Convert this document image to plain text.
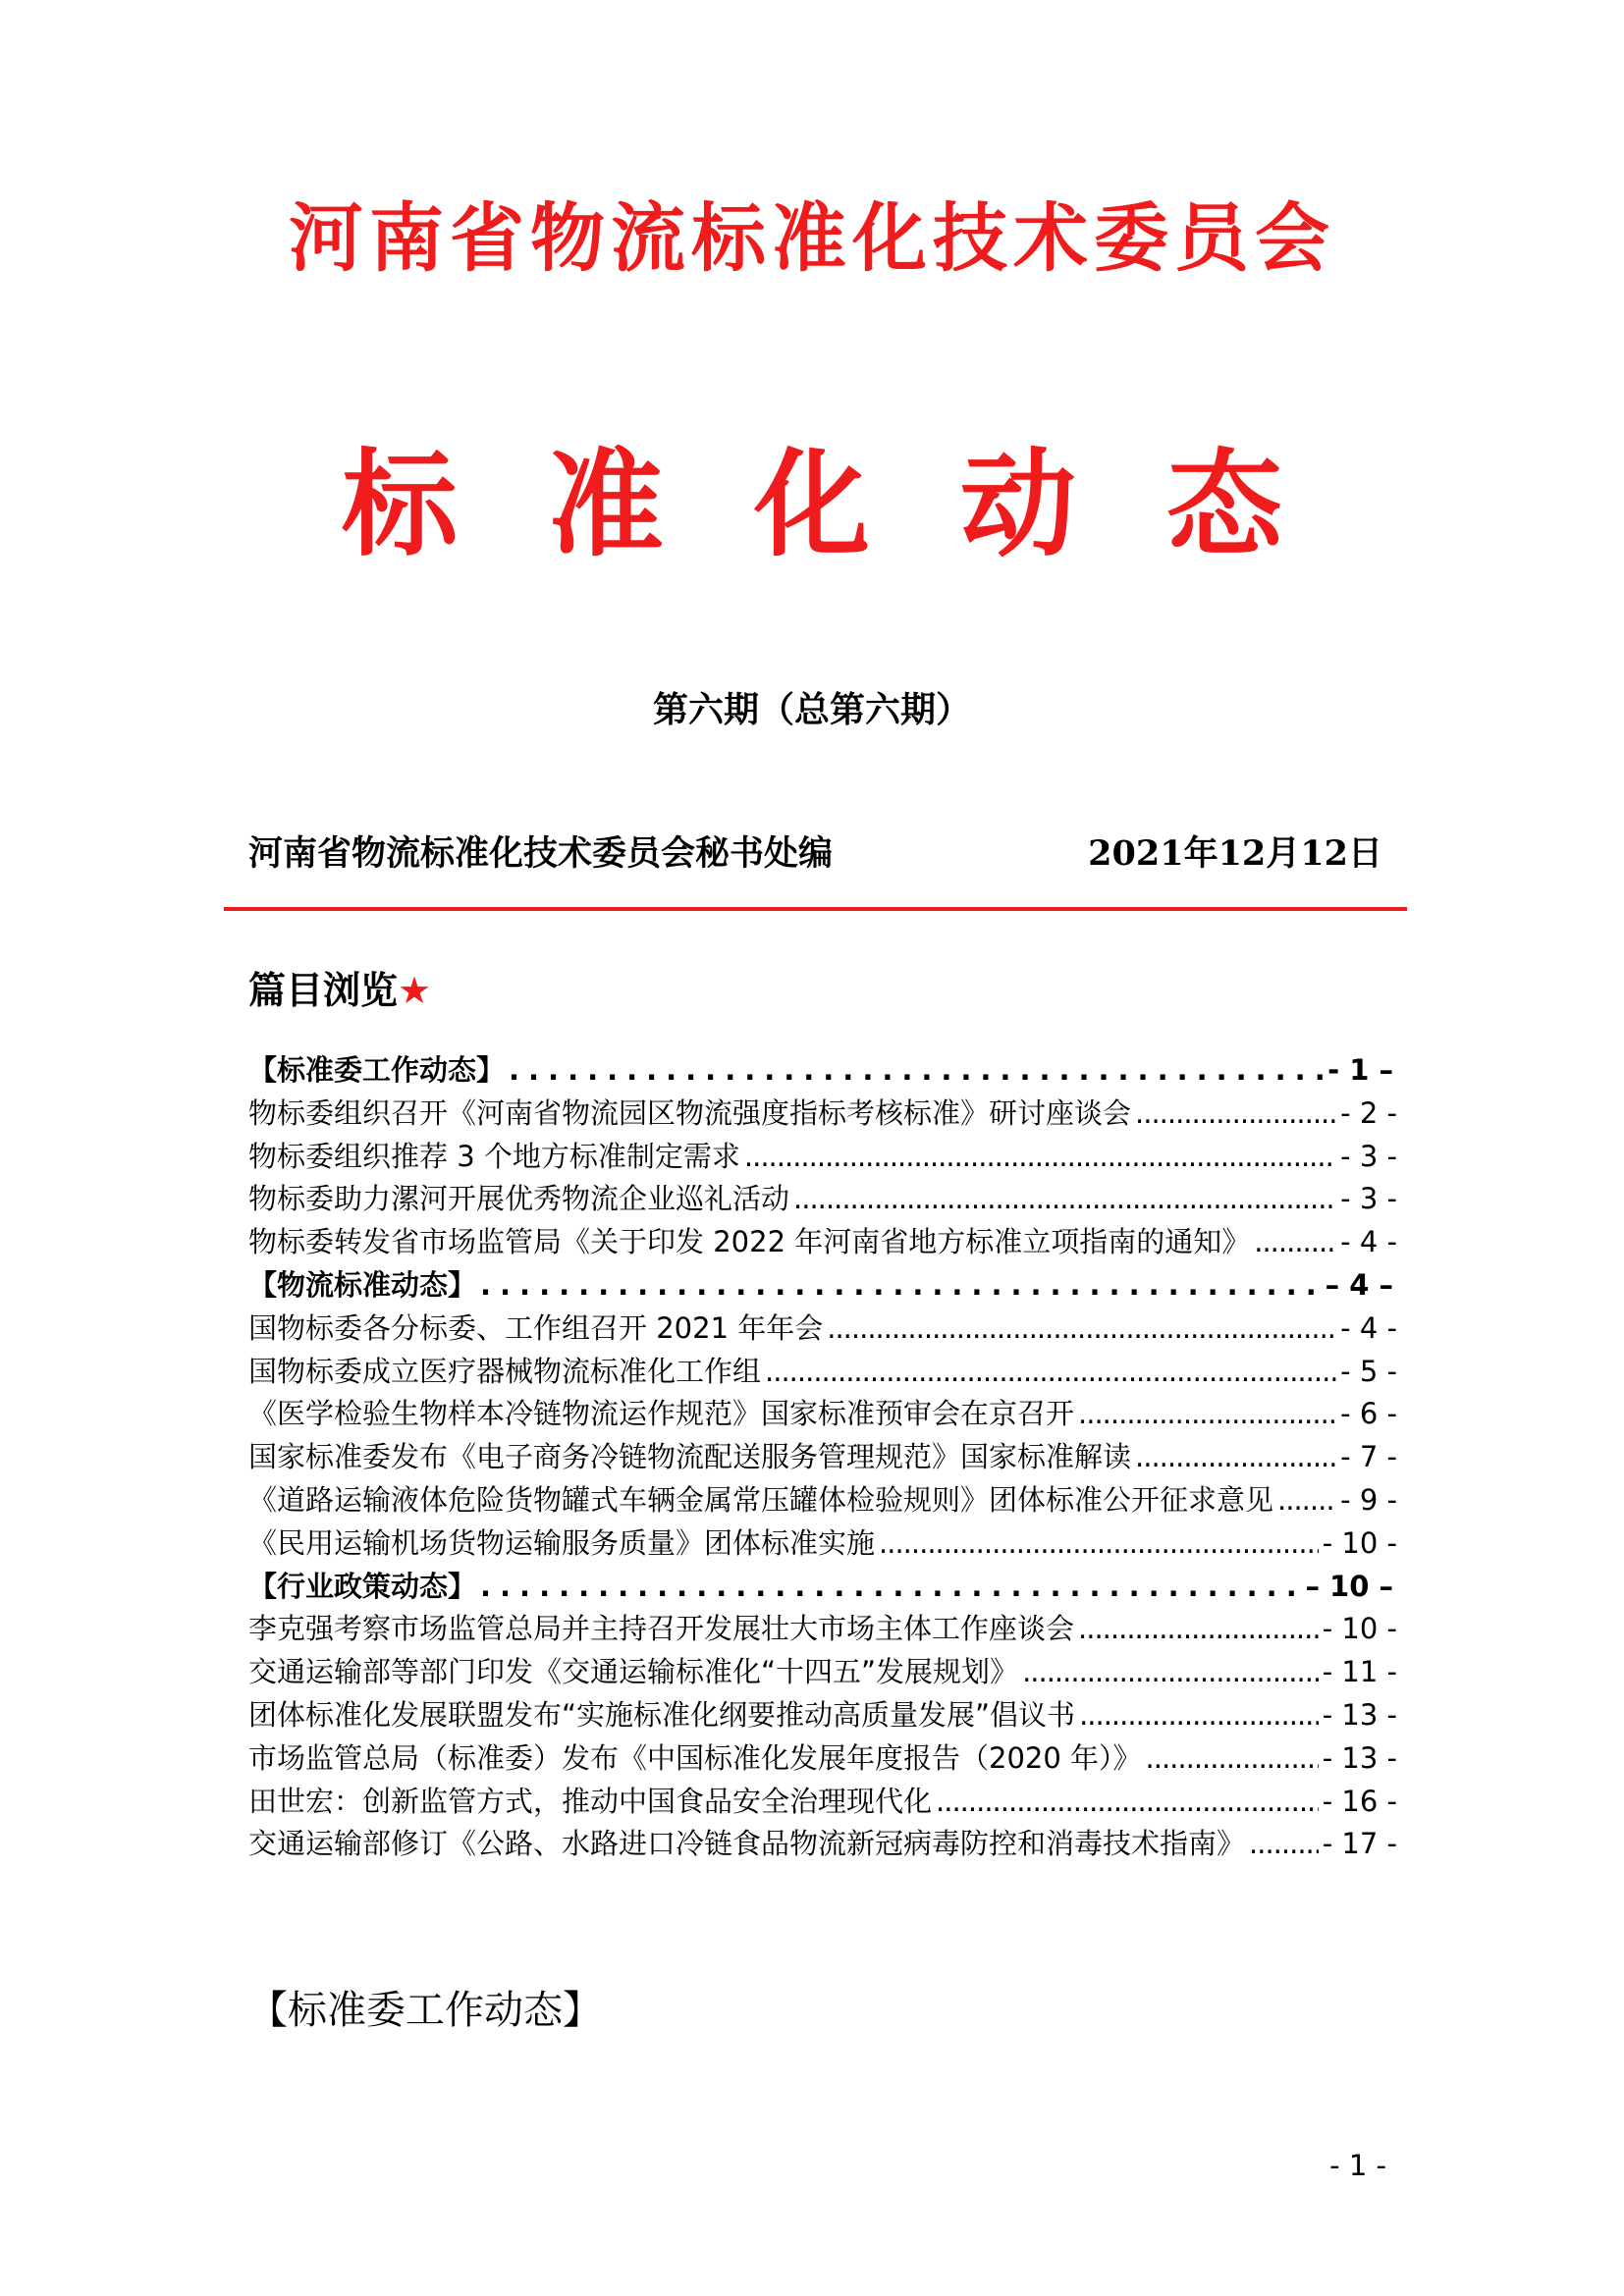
河南省物流标准化技术委员会
标准化动态
第六期（总第六期）
河南省物流标准化技术委员会秘书处编	2021年12月12日
篇目浏览★
【标准委工作动态】 .....	- 1 –
物标委组织召开《河南省物流园区物流强度指标考核标准》研讨座谈会 .....	- 2 -
物标委组织推荐 3 个地方标准制定需求 .....	- 3 -
物标委助力漯河开展优秀物流企业巡礼活动 .....	- 3 -
物标委转发省市场监管局《关于印发 2022 年河南省地方标准立项指南的通知》 .....	- 4 -
【物流标准动态】 .....	– 4 –
国物标委各分标委、工作组召开 2021 年年会 .....	- 4 -
国物标委成立医疗器械物流标准化工作组 .....	- 5 -
《医学检验生物样本冷链物流运作规范》国家标准预审会在京召开 .....	- 6 -
国家标准委发布《电子商务冷链物流配送服务管理规范》国家标准解读 .....	- 7 -
《道路运输液体危险货物罐式车辆金属常压罐体检验规则》团体标准公开征求意见 ..... - 9 -
《民用运输机场货物运输服务质量》团体标准实施 .....	- 10 -
【行业政策动态】 .....	– 10 –
李克强考察市场监管总局并主持召开发展壮大市场主体工作座谈会 .....	- 10 -
交通运输部等部门印发《交通运输标准化“十四五”发展规划》 .....	- 11 -
团体标准化发展联盟发布“实施标准化纲要推动高质量发展”倡议书 .....	- 13 -
市场监管总局（标准委）发布《中国标准化发展年度报告（2020 年）》 .....	- 13 -
田世宏：创新监管方式，推动中国食品安全治理现代化 .....	- 16 -
交通运输部修订《公路、水路进口冷链食品物流新冠病毒防控和消毒技术指南》 .....	- 17 -
【标准委工作动态】
- 1 -
